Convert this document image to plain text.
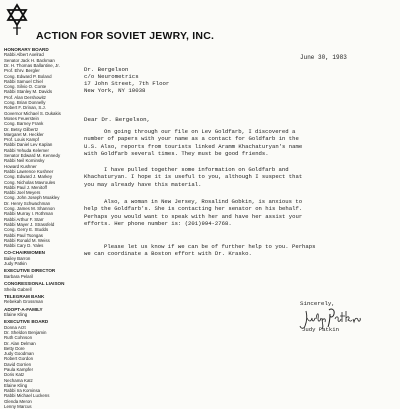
ACTION FOR SOVIET JEWRY, INC.
HONORARY BOARD
Rabbi Albert Axelrad
Senator Jack H. Backman
Dr. H. Thomas Ballantine, Jr.
Prof. Ehrv. Bergler
Cong. Edward P. Boland
Rabbi Samuel Chiel
Cong. Silvio O. Conte
Rabbi Stanley M. Davids
Prof. Alan Dershowitz
Cong. Brian Donnelly
Robert F. Drinan, S.J.
Governor Michael S. Dukakis
Moses Feuerstein
Cong. Barney Frank
Dr. Betsy Gilbertz
Margaret M. Heckler
Prof. Louis Kampf
Rabbi Daniel Lev Kaplan
Rabbi Yehuda Kelemer
Senator Edward M. Kennedy
Rabbi Neil Kominsky
Howard Kushner
Rabbi Lawrence Kushner
Cong. Edward J. Markey
Cong. Nicholas Mavroules
Rabbi Paul J. Menitoff
Rabbi Joel Meyers
Cong. John Joseph Moakley
Dr. Henry Schwachman
Cong. James M. Shannon
Rabbi Murray I. Rothman
Rabbi Arthur F. Starr
Rabbi Mayer J. Strassfeld
Cong. Gerry E. Studds
Rabbi Paul Tsongas
Rabbi Ronald M. Weiss
Rabbi Cary D. Yales
CO-CHAIRWOMEN
Bailey Barron
Judy Patkin
EXECUTIVE DIRECTOR
Barbara Pelaril
CONGRESSIONAL LIAISON
Sheila Gabrell
TELEGRAM BANK
Rebekah Grossman
ADOPT-A-FAMILY
Elaine Kling
EXECUTIVE BOARD
Donna Arzt
Dr. Sheldon Benjamin
Ruth Cohnson
Dr. Alan Delman
Betty Dore
Judy Goodman
Robert Gordon
David Gorrien
Paula Kampfer
Doris Katz
Nechama Katz
Elaine Kling
Rabbi Ira Kominsa
Rabbi Michael Luckens
Glenda Meron
Lenny Marcus
June 30, 1983
Dr. Bergelson
c/o Neurometrics
17 John Street, 7th Floor
New York, NY 10038
Dear Dr. Bergelson,
On going through our file on Lev Goldfarb, I discovered a
number of papers with your name as a contact for Goldfarb in the
U.S. Also, reports from tourists linked Aramm Khachaturyan's name
with Goldfarb several times. They must be good friends.
I have pulled together some information on Goldfarb and
Khachaturyan. I hope it is useful to you, although I suspect that
you may already have this material.
Also, a woman in New Jersey, Rosalind Gobkin, is anxious to
help the Goldfarb's. She is contacting her senator on his behalf.
Perhaps you would want to speak with her and have her assist your
efforts. Her phone number is: (201)994-2768.
Please let us know if we can be of further help to you. Perhaps
we can coordinate a Boston effort with Dr. Krasko.
Sincerely,
Judy Patkin
